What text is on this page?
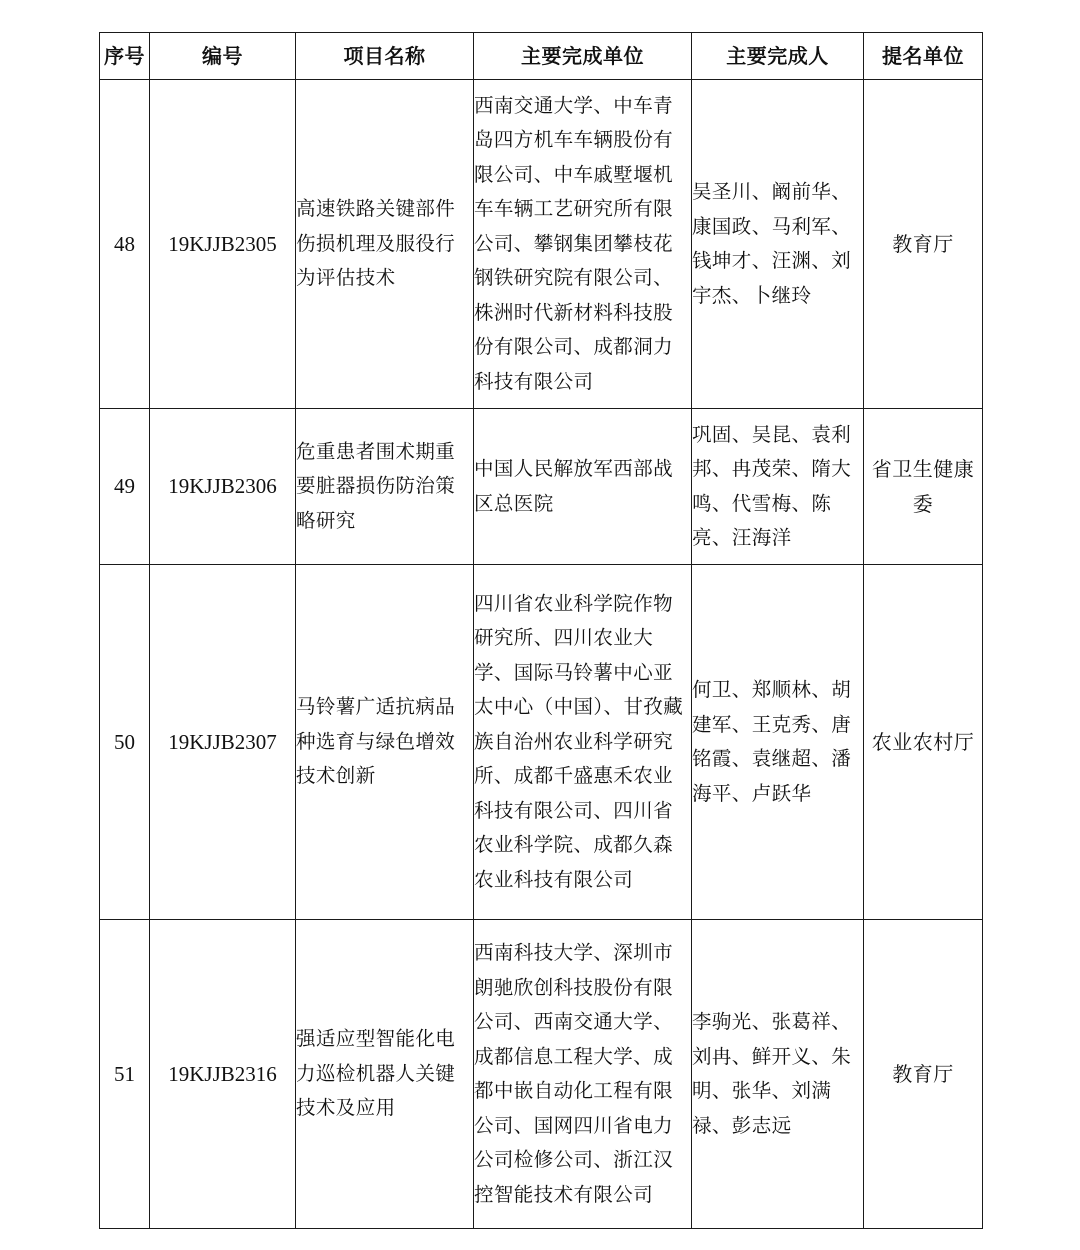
序号	编号	项目名称	主要完成单位	主要完成人	提名单位
48	19KJJB2305	高速铁路关键部件伤损机理及服役行为评估技术	西南交通大学、中车青岛四方机车车辆股份有限公司、中车戚墅堰机车车辆工艺研究所有限公司、攀钢集团攀枝花钢铁研究院有限公司、株洲时代新材料科技股份有限公司、成都洞力科技有限公司	吴圣川、阚前华、康国政、马利军、钱坤才、汪渊、刘宇杰、卜继玲	教育厅
49	19KJJB2306	危重患者围术期重要脏器损伤防治策略研究	中国人民解放军西部战区总医院	巩固、吴昆、袁利邦、冉茂荣、隋大鸣、代雪梅、陈亮、汪海洋	省卫生健康委
50	19KJJB2307	马铃薯广适抗病品种选育与绿色增效技术创新	四川省农业科学院作物研究所、四川农业大学、国际马铃薯中心亚太中心（中国）、甘孜藏族自治州农业科学研究所、成都千盛惠禾农业科技有限公司、四川省农业科学院、成都久森农业科技有限公司	何卫、郑顺林、胡建军、王克秀、唐铭霞、袁继超、潘海平、卢跃华	农业农村厅
51	19KJJB2316	强适应型智能化电力巡检机器人关键技术及应用	西南科技大学、深圳市朗驰欣创科技股份有限公司、西南交通大学、成都信息工程大学、成都中嵌自动化工程有限公司、国网四川省电力公司检修公司、浙江汉控智能技术有限公司	李驹光、张葛祥、刘冉、鲜开义、朱明、张华、刘满禄、彭志远	教育厅
